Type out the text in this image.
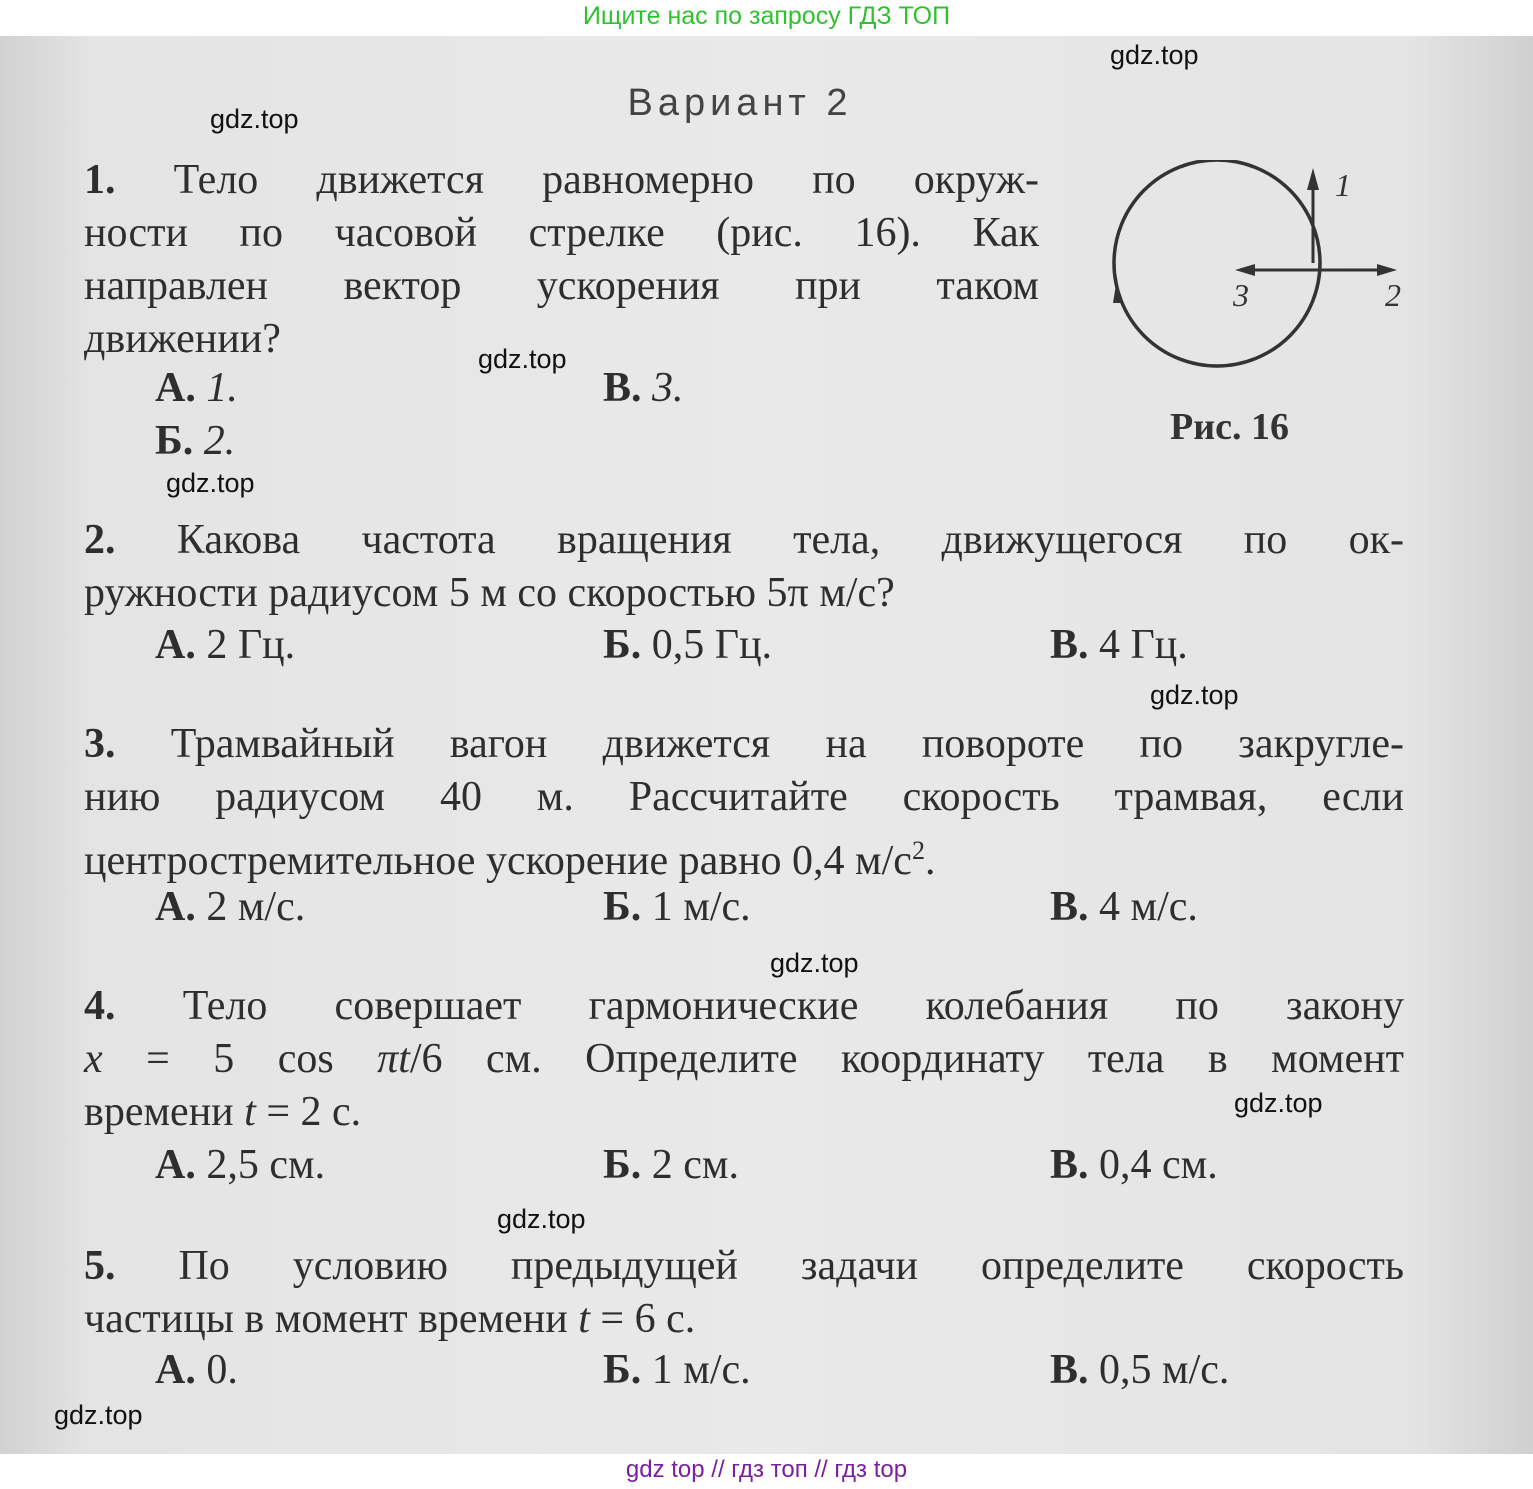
Ищите нас по запросу ГДЗ ТОП
Вариант 2
1. Тело движется равномерно по окруж-
ности по часовой стрелке (рис. 16). Как
направлен вектор ускорения при таком
движении?
А. 1.
Б. 2.
В. 3.
1
2
3
Рис. 16
2. Какова частота вращения тела, движущегося по ок-
ружности радиусом 5 м со скоростью 5π м/с?
А. 2 Гц.	Б. 0,5 Гц.	В. 4 Гц.
3. Трамвайный вагон движется на повороте по закругле-
нию радиусом 40 м. Рассчитайте скорость трамвая, если
центростремительное ускорение равно 0,4 $м/с^2$.
А. 2 м/с.	Б. 1 м/с.	В. 4 м/с.
4. Тело совершает гармонические колебания по закону
x = 5 cos πt/6 см. Определите координату тела в момент
времени t = 2 с.
А. 2,5 см.	Б. 2 см.	В. 0,4 см.
5. По условию предыдущей задачи определите скорость
частицы в момент времени t = 6 с.
А. 0.	Б. 1 м/с.	В. 0,5 м/с.
gdz.top
gdz.top
gdz.top
gdz.top
gdz.top
gdz.top
gdz.top
gdz.top
gdz.top
gdz top // гдз топ // гдз top
